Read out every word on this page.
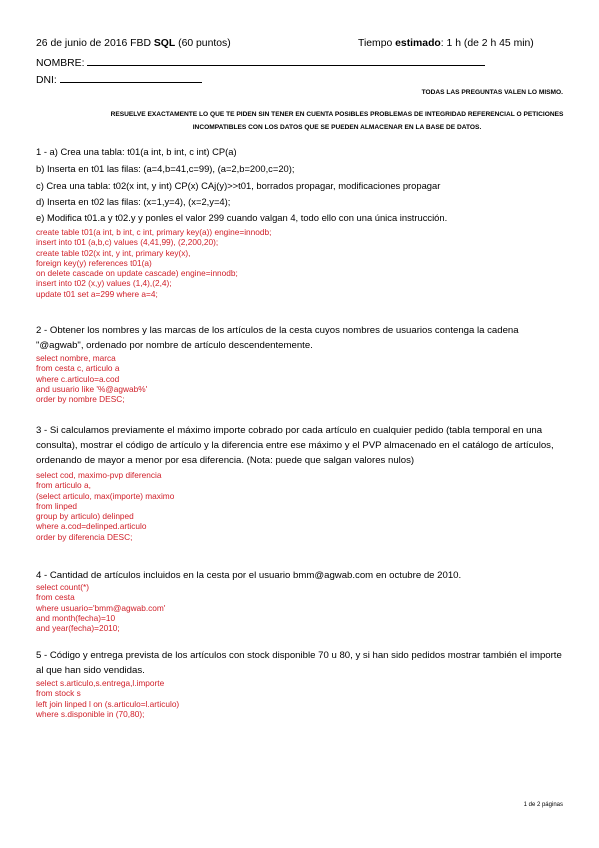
26 de junio de 2016 FBD SQL (60 puntos)	Tiempo estimado: 1 h (de 2 h 45 min)
NOMBRE:
DNI:
TODAS LAS PREGUNTAS VALEN LO MISMO.
RESUELVE EXACTAMENTE LO QUE TE PIDEN SIN TENER EN CUENTA POSIBLES PROBLEMAS DE INTEGRIDAD REFERENCIAL O PETICIONES INCOMPATIBLES CON LOS DATOS QUE SE PUEDEN ALMACENAR EN LA BASE DE DATOS.
1 - a) Crea una tabla: t01(a int, b int, c int) CP(a)
b) Inserta en t01 las filas: (a=4,b=41,c=99), (a=2,b=200,c=20);
c) Crea una tabla: t02(x int, y int) CP(x) CAj(y)>>t01, borrados propagar, modificaciones propagar
d) Inserta en t02 las filas: (x=1,y=4), (x=2,y=4);
e) Modifica t01.a y t02.y y ponles el valor 299 cuando valgan 4, todo ello con una única instrucción.
create table t01(a int, b int, c int, primary key(a)) engine=innodb;
insert into t01 (a,b,c) values (4,41,99), (2,200,20);
create table t02(x int, y int, primary key(x),
foreign key(y) references t01(a)
on delete cascade on update cascade) engine=innodb;
insert into t02 (x,y) values (1,4),(2,4);
update t01 set a=299 where a=4;
2 - Obtener los nombres y las marcas de los artículos de la cesta cuyos nombres de usuarios contenga la cadena "@agwab", ordenado por nombre de artículo descendentemente.
select nombre, marca
from cesta c, articulo a
where c.articulo=a.cod
and usuario like '%@agwab%'
order by nombre DESC;
3 - Si calculamos previamente el máximo importe cobrado por cada artículo en cualquier pedido (tabla temporal en una consulta), mostrar el código de artículo y la diferencia entre ese máximo y el PVP almacenado en el catálogo de artículos, ordenando de mayor a menor por esa diferencia. (Nota: puede que salgan valores nulos)
select cod, maximo-pvp diferencia
from articulo a,
(select articulo, max(importe) maximo
from linped
group by articulo) delinped
where a.cod=delinped.articulo
order by diferencia DESC;
4 - Cantidad de artículos incluidos en la cesta por el usuario bmm@agwab.com en octubre de 2010.
select count(*)
from cesta
where usuario='bmm@agwab.com'
and month(fecha)=10
and year(fecha)=2010;
5 - Código y entrega prevista de los artículos con stock disponible 70 u 80, y si han sido pedidos mostrar también el importe al que han sido vendidas.
select s.articulo,s.entrega,l.importe
from stock s
left join linped l on (s.articulo=l.articulo)
where s.disponible in (70,80);
1 de 2 páginas
